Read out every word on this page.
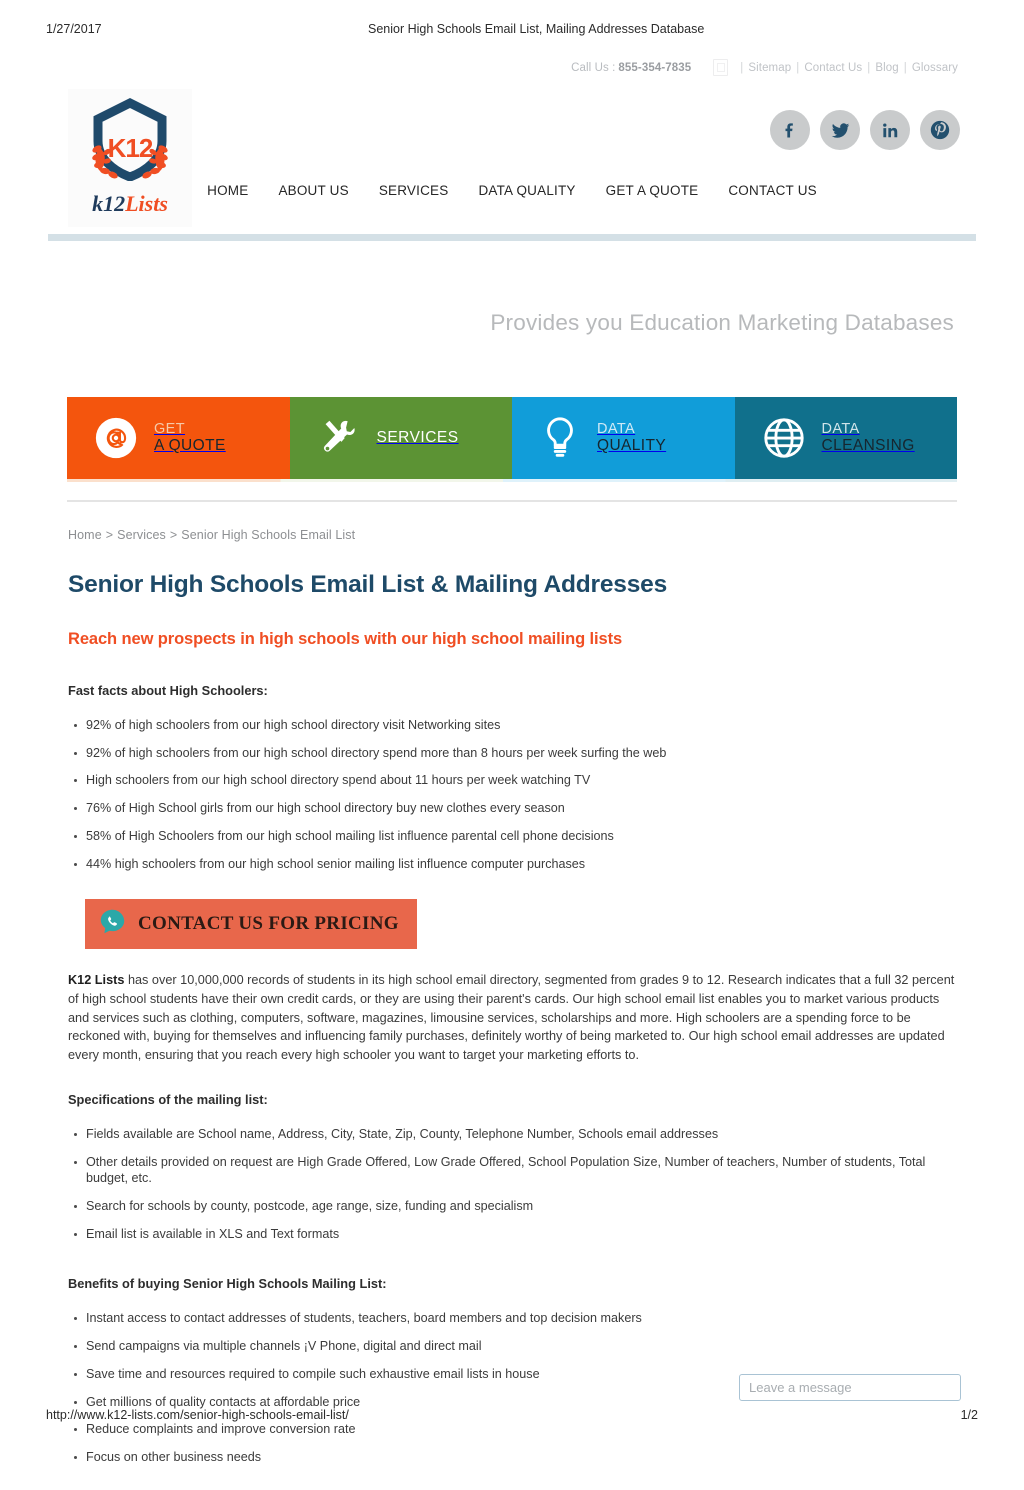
1/27/2017	Senior High Schools Email List, Mailing Addresses Database
Call Us : 855-354-7835	| Sitemap | Contact Us | Blog | Glossary
K12
k12Lists
HOME ABOUT US SERVICES DATA QUALITY GET A QUOTE CONTACT US
Provides you Education Marketing Databases
GET
A QUOTE	SERVICES
DATA
QUALITY
DATA
CLEANSING
Home > Services > Senior High Schools Email List
Senior High Schools Email List & Mailing Addresses
Reach new prospects in high schools with our high school mailing lists
Fast facts about High Schoolers:
92% of high schoolers from our high school directory visit Networking sites
92% of high schoolers from our high school directory spend more than 8 hours per week surfing the web
High schoolers from our high school directory spend about 11 hours per week watching TV
76% of High School girls from our high school directory buy new clothes every season
58% of High Schoolers from our high school mailing list influence parental cell phone decisions
44% high schoolers from our high school senior mailing list influence computer purchases
CONTACT US FOR PRICING

K12 Lists has over 10,000,000 records of students in its high school email directory, segmented from grades 9 to 12. Research indicates that a full 32 percent of high school students have their own credit cards, or they are using their parent's cards. Our high school email list enables you to market various products and services such as clothing, computers, software, magazines, limousine services, scholarships and more. High schoolers are a spending force to be reckoned with, buying for themselves and influencing family purchases, definitely worthy of being marketed to. Our high school email addresses are updated every month, ensuring that you reach every high schooler you want to target your marketing efforts to.

Specifications of the mailing list:
Fields available are School name, Address, City, State, Zip, County, Telephone Number, Schools email addresses
Other details provided on request are High Grade Offered, Low Grade Offered, School Population Size, Number of teachers, Number of students, Total budget, etc.
Search for schools by county, postcode, age range, size, funding and specialism
Email list is available in XLS and Text formats
Benefits of buying Senior High Schools Mailing List:
Instant access to contact addresses of students, teachers, board members and top decision makers
Send campaigns via multiple channels ¡V Phone, digital and direct mail
Save time and resources required to compile such exhaustive email lists in house
Get millions of quality contacts at affordable price
Reduce complaints and improve conversion rate
Focus on other business needs
Leave a message
http://www.k12-lists.com/senior-high-schools-email-list/	1/2
